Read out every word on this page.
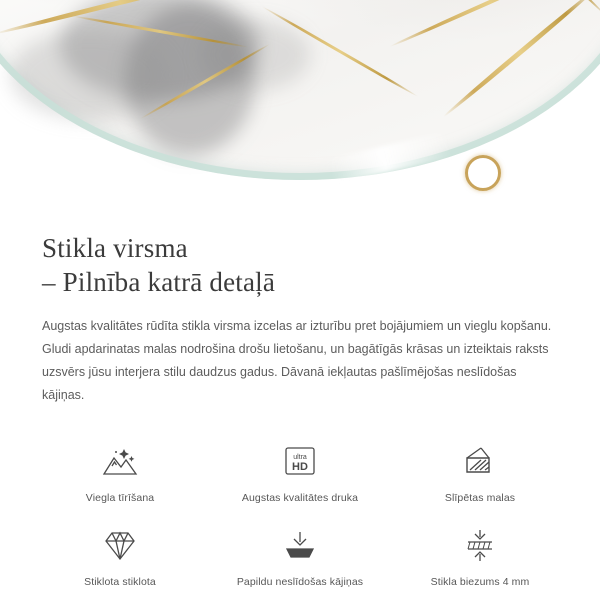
Stikla virsma
– Pilnība katrā detaļā

Augstas kvalitātes rūdīta stikla virsma izcelas ar izturību pret bojājumiem un vieglu kopšanu. Gludi apdarinatas malas nodrošina drošu lietošanu, un bagātīgās krāsas un izteiktais raksts uzsvērs jūsu interjera stilu daudzus gadus. Dāvanā iekļautas pašlīmējošas neslīdošas kājiņas.

Viegla tīrīšana
ultra
HD
Augstas kvalitātes druka	Slīpētas malas
Stiklota stiklota	Papildu neslīdošas kājiņas	Stikla biezums 4 mm
